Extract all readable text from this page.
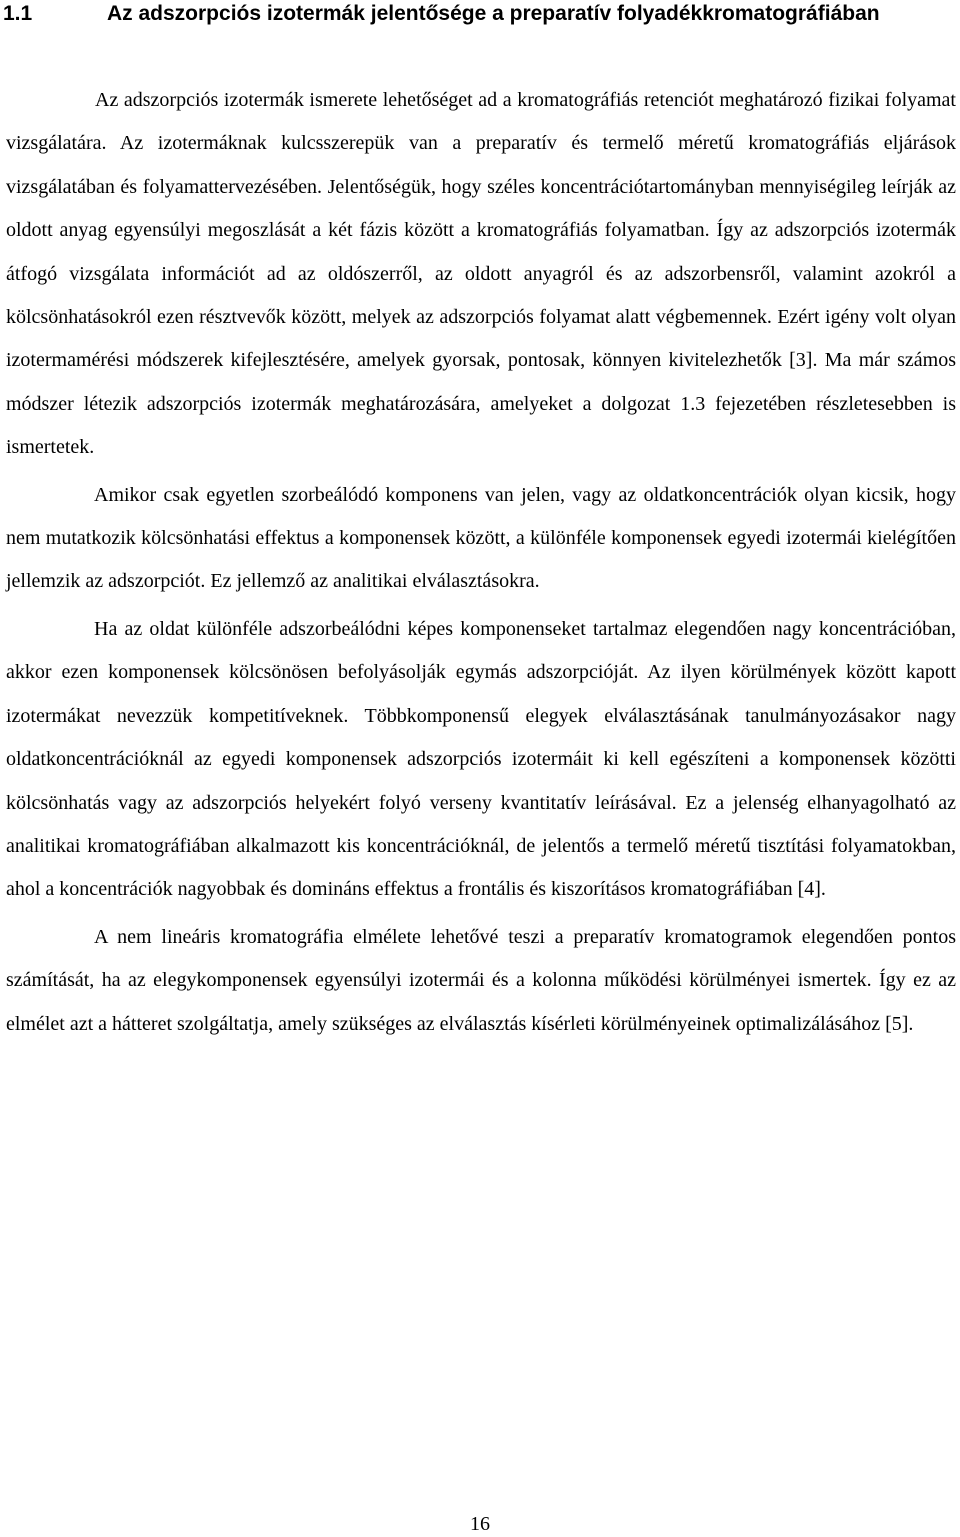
1.1	Az adszorpciós izotermák jelentősége a preparatív folyadékkromatográfiában

Az adszorpciós izotermák ismerete lehetőséget ad a kromatográfiás retenciót meghatározó fizikai folyamat vizsgálatára. Az izotermáknak kulcsszerepük van a preparatív és termelő méretű kromatográfiás eljárások vizsgálatában és folyamattervezésében. Jelentőségük, hogy széles koncentrációtartományban mennyiségileg leírják az oldott anyag egyensúlyi megoszlását a két fázis között a kromatográfiás folyamatban. Így az adszorpciós izotermák átfogó vizsgálata információt ad az oldószerről, az oldott anyagról és az adszorbensről, valamint azokról a kölcsönhatásokról ezen résztvevők között, melyek az adszorpciós folyamat alatt végbemennek. Ezért igény volt olyan izotermamérési módszerek kifejlesztésére, amelyek gyorsak, pontosak, könnyen kivitelezhetők [3]. Ma már számos módszer létezik adszorpciós izotermák meghatározására, amelyeket a dolgozat 1.3 fejezetében részletesebben is ismertetek.

Amikor csak egyetlen szorbeálódó komponens van jelen, vagy az oldatkoncentrációk olyan kicsik, hogy nem mutatkozik kölcsönhatási effektus a komponensek között, a különféle komponensek egyedi izotermái kielégítően jellemzik az adszorpciót. Ez jellemző az analitikai elválasztásokra.

Ha az oldat különféle adszorbeálódni képes komponenseket tartalmaz elegendően nagy koncentrációban, akkor ezen komponensek kölcsönösen befolyásolják egymás adszorpcióját. Az ilyen körülmények között kapott izotermákat nevezzük kompetitíveknek. Többkomponensű elegyek elválasztásának tanulmányozásakor nagy oldatkoncentrációknál az egyedi komponensek adszorpciós izotermáit ki kell egészíteni a komponensek közötti kölcsönhatás vagy az adszorpciós helyekért folyó verseny kvantitatív leírásával. Ez a jelenség elhanyagolható az analitikai kromatográfiában alkalmazott kis koncentrációknál, de jelentős a termelő méretű tisztítási folyamatokban, ahol a koncentrációk nagyobbak és domináns effektus a frontális és kiszorításos kromatográfiában [4].

A nem lineáris kromatográfia elmélete lehetővé teszi a preparatív kromatogramok elegendően pontos számítását, ha az elegykomponensek egyensúlyi izotermái és a kolonna működési körülményei ismertek. Így ez az elmélet azt a hátteret szolgáltatja, amely szükséges az elválasztás kísérleti körülményeinek optimalizálásához [5].

16
